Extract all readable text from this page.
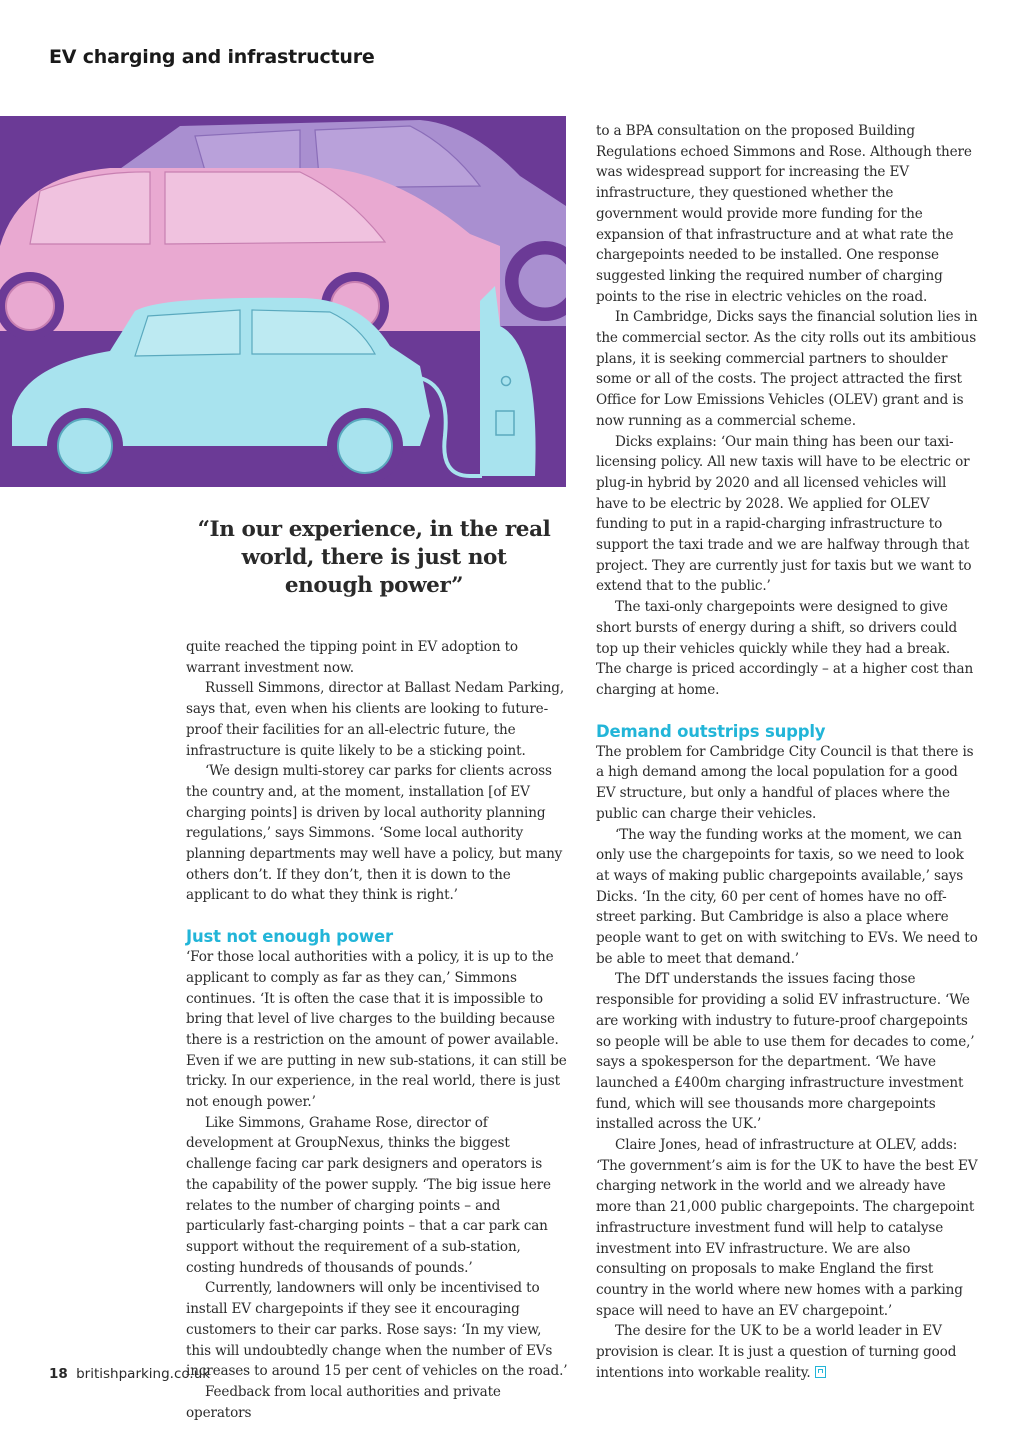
EV charging and infrastructure
“In our experience, in the real
world, there is just not
enough power”

quite reached the tipping point in EV adoption to warrant investment now.

Russell Simmons, director at Ballast Nedam Parking, says that, even when his clients are looking to future-proof their facilities for an all-electric future, the infrastructure is quite likely to be a sticking point.

‘We design multi-storey car parks for clients across the country and, at the moment, installation [of EV charging points] is driven by local authority planning regulations,’ says Simmons. ‘Some local authority planning departments may well have a policy, but many others don’t. If they don’t, then it is down to the applicant to do what they think is right.’

Just not enough power

‘For those local authorities with a policy, it is up to the applicant to comply as far as they can,’ Simmons continues. ‘It is often the case that it is impossible to bring that level of live charges to the building because there is a restriction on the amount of power available. Even if we are putting in new sub-stations, it can still be tricky. In our experience, in the real world, there is just not enough power.’

Like Simmons, Grahame Rose, director of development at GroupNexus, thinks the biggest challenge facing car park designers and operators is the capability of the power supply. ‘The big issue here relates to the number of charging points – and particularly fast-charging points – that a car park can support without the requirement of a sub-station, costing hundreds of thousands of pounds.’

Currently, landowners will only be incentivised to install EV chargepoints if they see it encouraging customers to their car parks. Rose says: ‘In my view, this will undoubtedly change when the number of EVs increases to around 15 per cent of vehicles on the road.’

Feedback from local authorities and private operators

to a BPA consultation on the proposed Building Regulations echoed Simmons and Rose. Although there was widespread support for increasing the EV infrastructure, they questioned whether the government would provide more funding for the expansion of that infrastructure and at what rate the chargepoints needed to be installed. One response suggested linking the required number of charging points to the rise in electric vehicles on the road.

In Cambridge, Dicks says the financial solution lies in the commercial sector. As the city rolls out its ambitious plans, it is seeking commercial partners to shoulder some or all of the costs. The project attracted the first Office for Low Emissions Vehicles (OLEV) grant and is now running as a commercial scheme.

Dicks explains: ‘Our main thing has been our taxi-licensing policy. All new taxis will have to be electric or plug-in hybrid by 2020 and all licensed vehicles will have to be electric by 2028. We applied for OLEV funding to put in a rapid-charging infrastructure to support the taxi trade and we are halfway through that project. They are currently just for taxis but we want to extend that to the public.’

The taxi-only chargepoints were designed to give short bursts of energy during a shift, so drivers could top up their vehicles quickly while they had a break. The charge is priced accordingly – at a higher cost than charging at home.

Demand outstrips supply

The problem for Cambridge City Council is that there is a high demand among the local population for a good EV structure, but only a handful of places where the public can charge their vehicles.

‘The way the funding works at the moment, we can only use the chargepoints for taxis, so we need to look at ways of making public chargepoints available,’ says Dicks. ‘In the city, 60 per cent of homes have no off-street parking. But Cambridge is also a place where people want to get on with switching to EVs. We need to be able to meet that demand.’

The DfT understands the issues facing those responsible for providing a solid EV infrastructure. ‘We are working with industry to future-proof chargepoints so people will be able to use them for decades to come,’ says a spokesperson for the department. ‘We have launched a £400m charging infrastructure investment fund, which will see thousands more chargepoints installed across the UK.’

Claire Jones, head of infrastructure at OLEV, adds: ‘The government’s aim is for the UK to have the best EV charging network in the world and we already have more than 21,000 public chargepoints. The chargepoint infrastructure investment fund will help to catalyse investment into EV infrastructure. We are also consulting on proposals to make England the first country in the world where new homes with a parking space will need to have an EV chargepoint.’

The desire for the UK to be a world leader in EV provision is clear. It is just a question of turning good intentions into workable reality.

18 britishparking.co.uk
